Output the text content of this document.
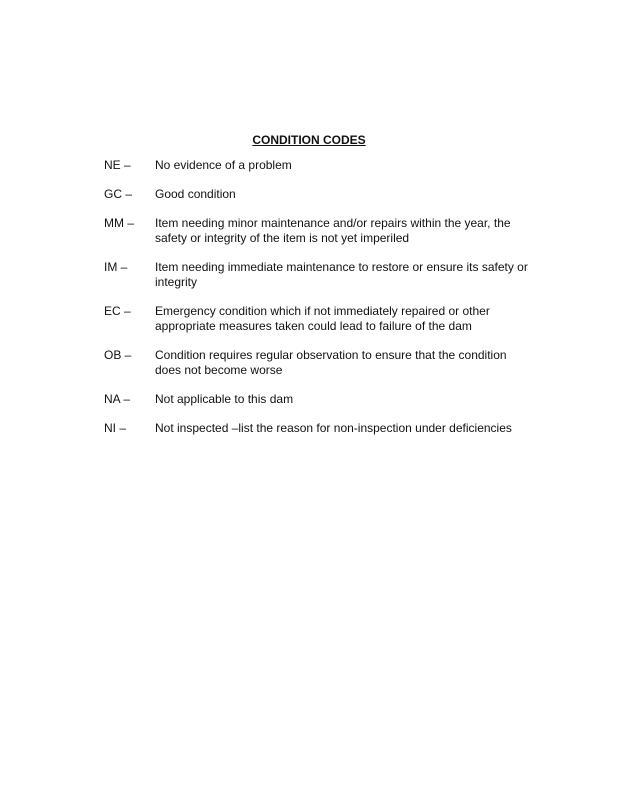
CONDITION CODES
NE –	No evidence of a problem
GC –	Good condition
MM –	Item needing minor maintenance and/or repairs within the year, the safety or integrity of the item is not yet imperiled
IM –	Item needing immediate maintenance to restore or ensure its safety or integrity
EC –	Emergency condition which if not immediately repaired or other appropriate measures taken could lead to failure of the dam
OB –	Condition requires regular observation to ensure that the condition does not become worse
NA –	Not applicable to this dam
NI –	Not inspected –list the reason for non-inspection under deficiencies
